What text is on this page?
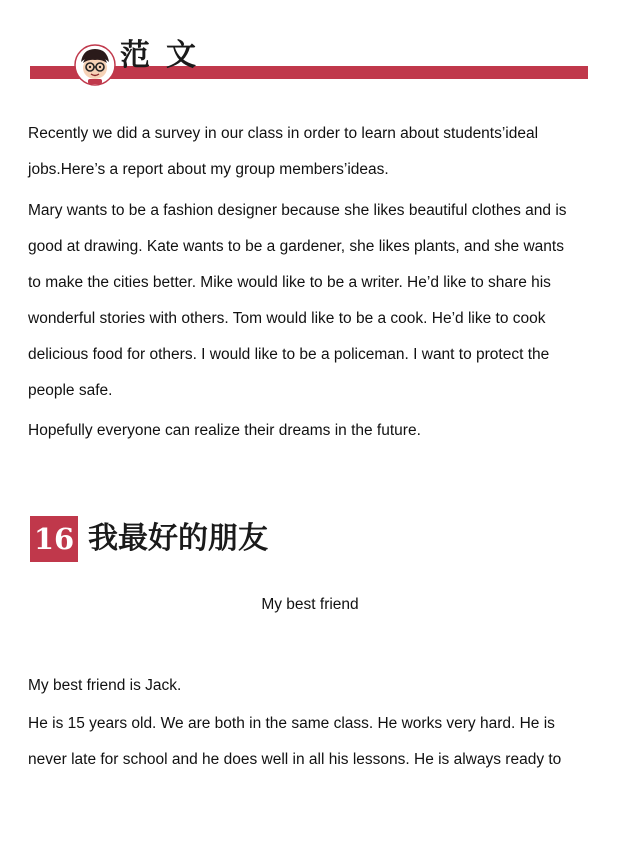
范文
Recently we did a survey in our class in order to learn about students’ideal
jobs.Here’s a report about my group members’ideas.
Mary wants to be a fashion designer because she likes beautiful clothes and is
good at drawing. Kate wants to be a gardener, she likes plants, and she wants
to make the cities better. Mike would like to be a writer. He’d like to share his
wonderful stories with others. Tom would like to be a cook. He’d like to cook
delicious food for others. I would like to be a policeman. I want to protect the
people safe.
Hopefully everyone can realize their dreams in the future.
16 我最好的朋友
My best friend
My best friend is Jack.
He is 15 years old. We are both in the same class. He works very hard. He is
never late for school and he does well in all his lessons. He is always ready to
